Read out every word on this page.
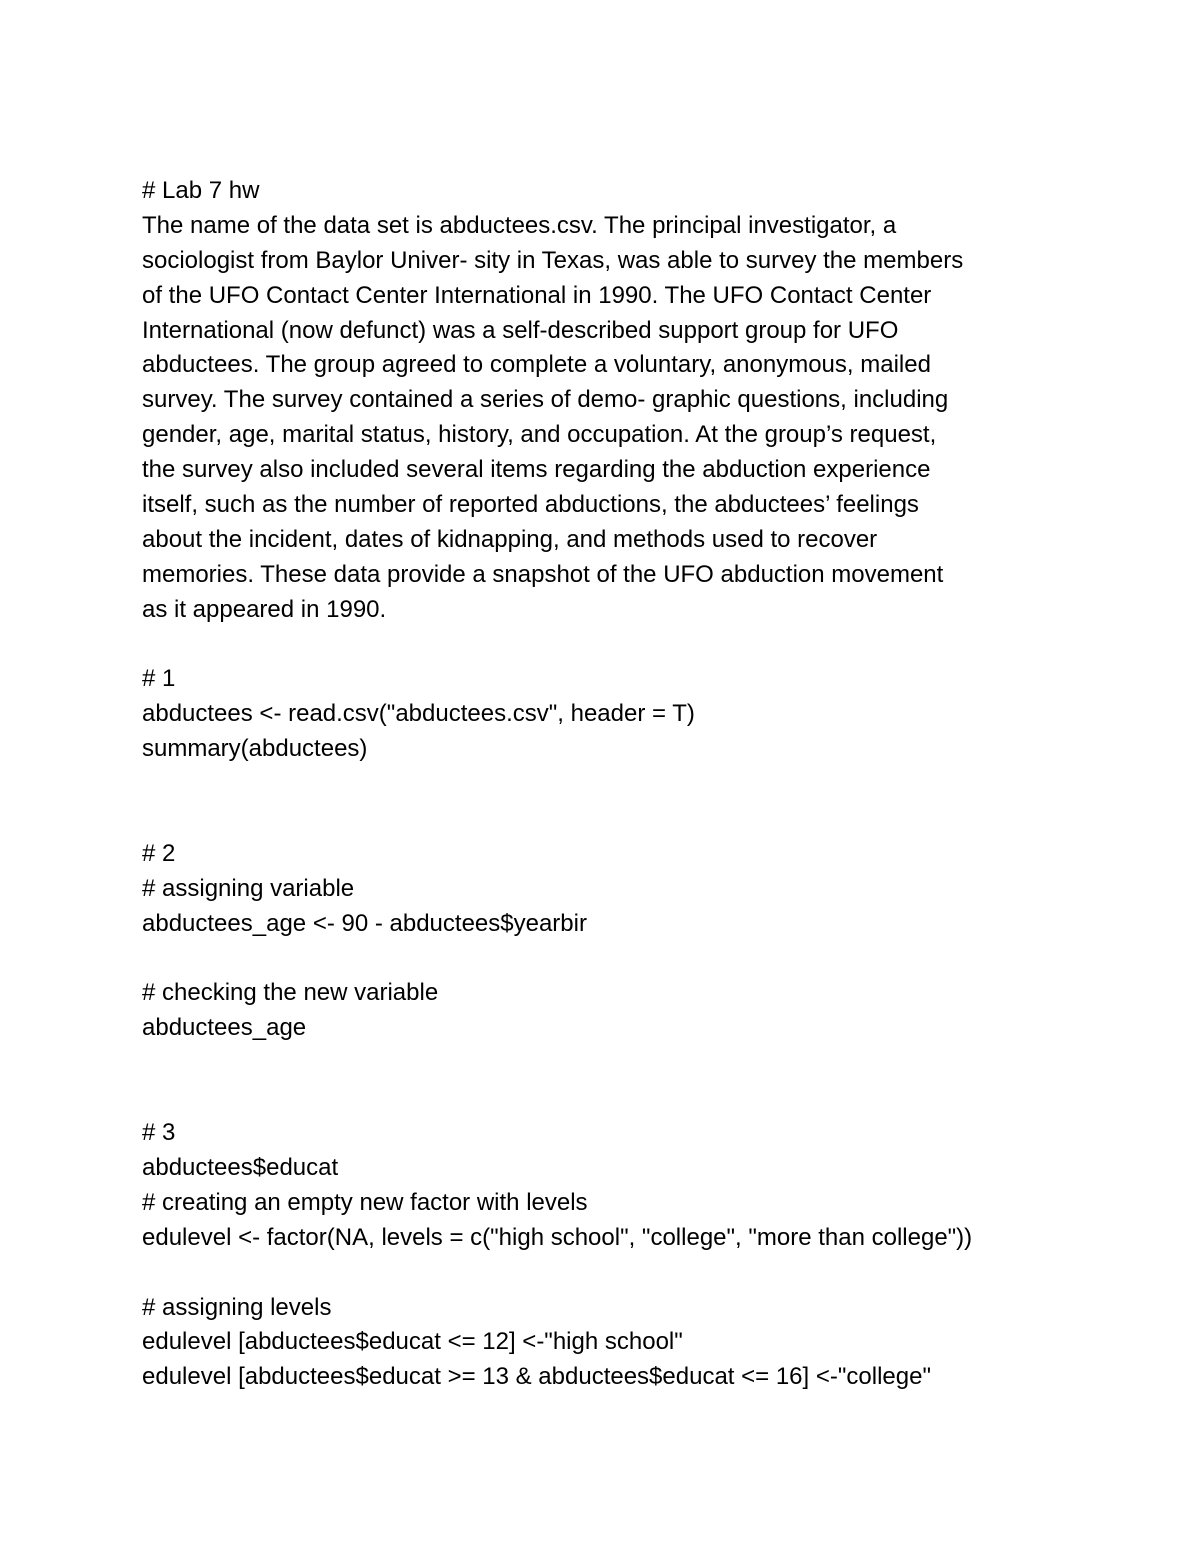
# Lab 7 hw
The name of the data set is abductees.csv. The principal investigator, a
sociologist from Baylor Univer- sity in Texas, was able to survey the members
of the UFO Contact Center International in 1990. The UFO Contact Center
International (now defunct) was a self-described support group for UFO
abductees. The group agreed to complete a voluntary, anonymous, mailed
survey. The survey contained a series of demo- graphic questions, including
gender, age, marital status, history, and occupation. At the group’s request,
the survey also included several items regarding the abduction experience
itself, such as the number of reported abductions, the abductees’ feelings
about the incident, dates of kidnapping, and methods used to recover
memories. These data provide a snapshot of the UFO abduction movement
as it appeared in 1990.
# 1
abductees <- read.csv("abductees.csv", header = T)
summary(abductees)
# 2
# assigning variable
abductees_age <- 90 - abductees$yearbir
# checking the new variable
abductees_age
# 3
abductees$educat
# creating an empty new factor with levels
edulevel <- factor(NA, levels = c("high school", "college", "more than college"))
# assigning levels
edulevel [abductees$educat <= 12] <-"high school"
edulevel [abductees$educat >= 13 & abductees$educat <= 16] <-"college"
